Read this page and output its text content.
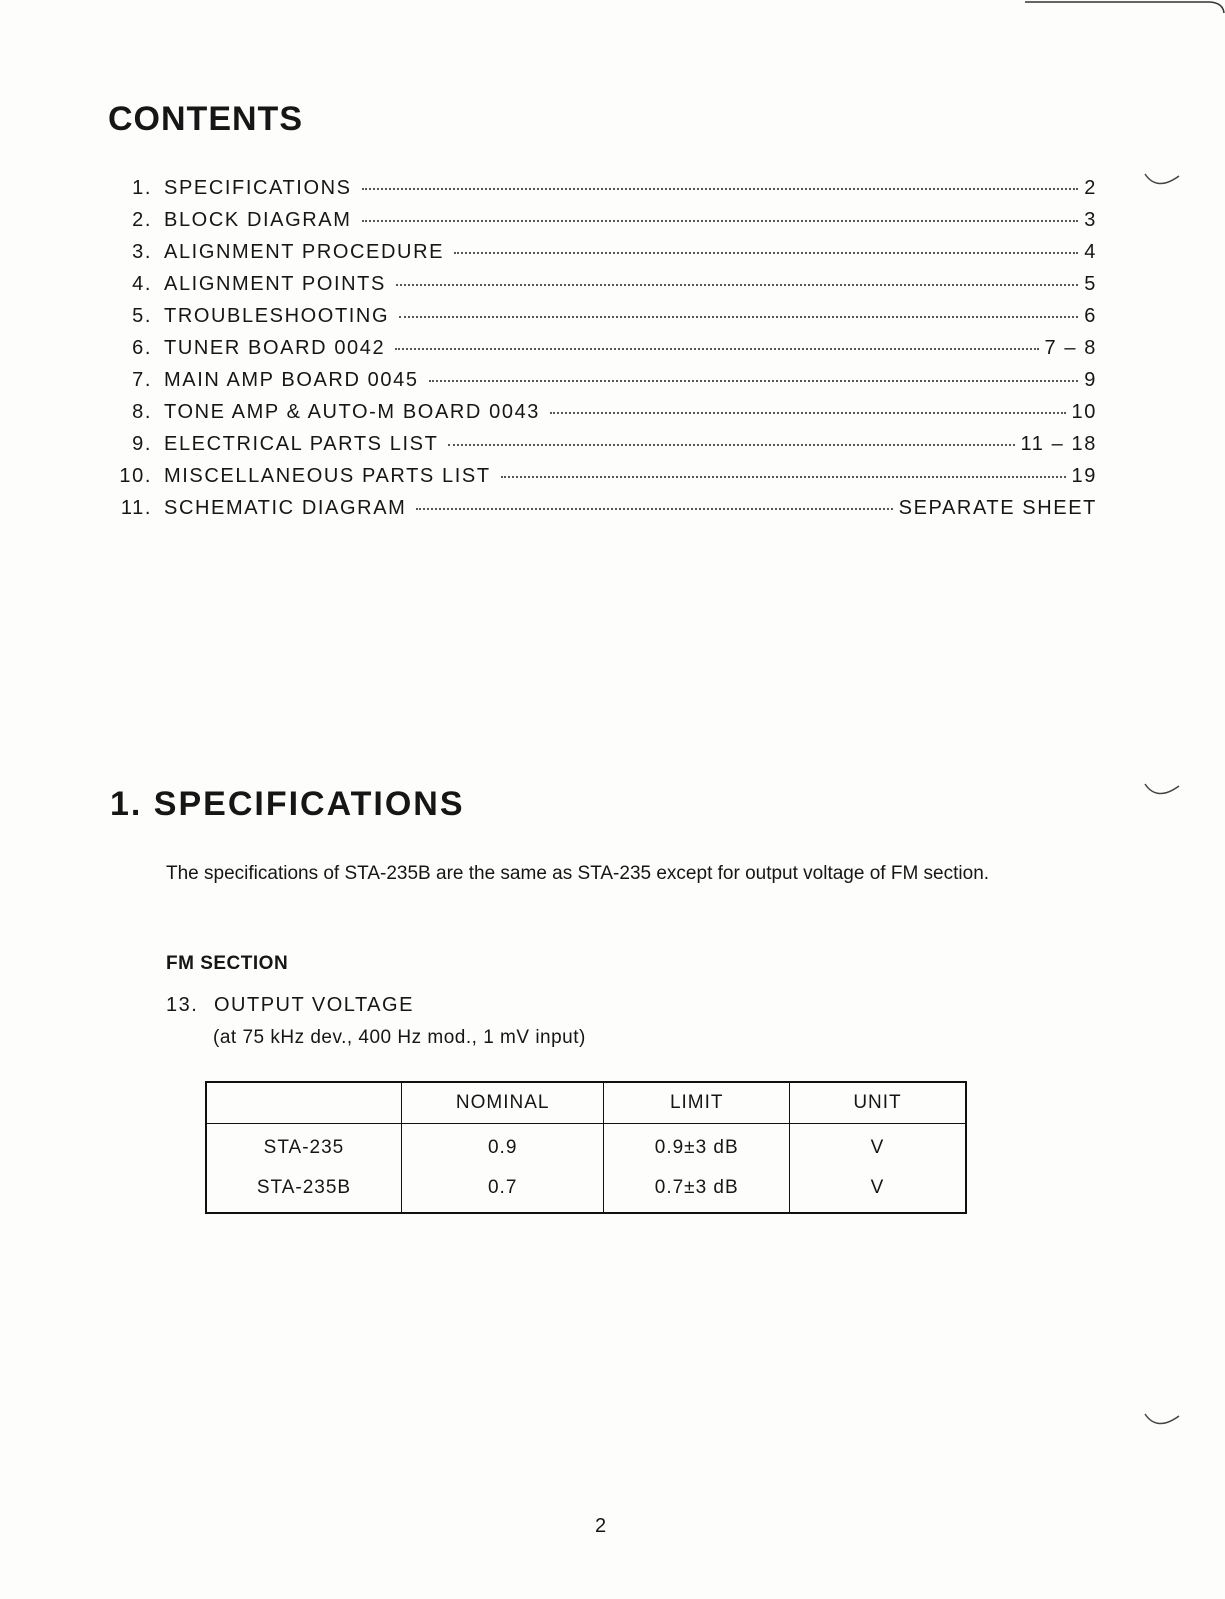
CONTENTS
1. SPECIFICATIONS	2
2. BLOCK DIAGRAM	3
3. ALIGNMENT PROCEDURE	4
4. ALIGNMENT POINTS	5
5. TROUBLESHOOTING	6
6. TUNER BOARD 0042	7 – 8
7. MAIN AMP BOARD 0045	9
8. TONE AMP & AUTO-M BOARD 0043	10
9. ELECTRICAL PARTS LIST	11 – 18
10. MISCELLANEOUS PARTS LIST	19
11. SCHEMATIC DIAGRAM	SEPARATE SHEET
1. SPECIFICATIONS

The specifications of STA-235B are the same as STA-235 except for output voltage of FM section.

FM SECTION
13. OUTPUT VOLTAGE
(at 75 kHz dev., 400 Hz mod., 1 mV input)
	NOMINAL	LIMIT	UNIT
STA-235	0.9	0.9±3 dB	V
STA-235B	0.7	0.7±3 dB	V
2
